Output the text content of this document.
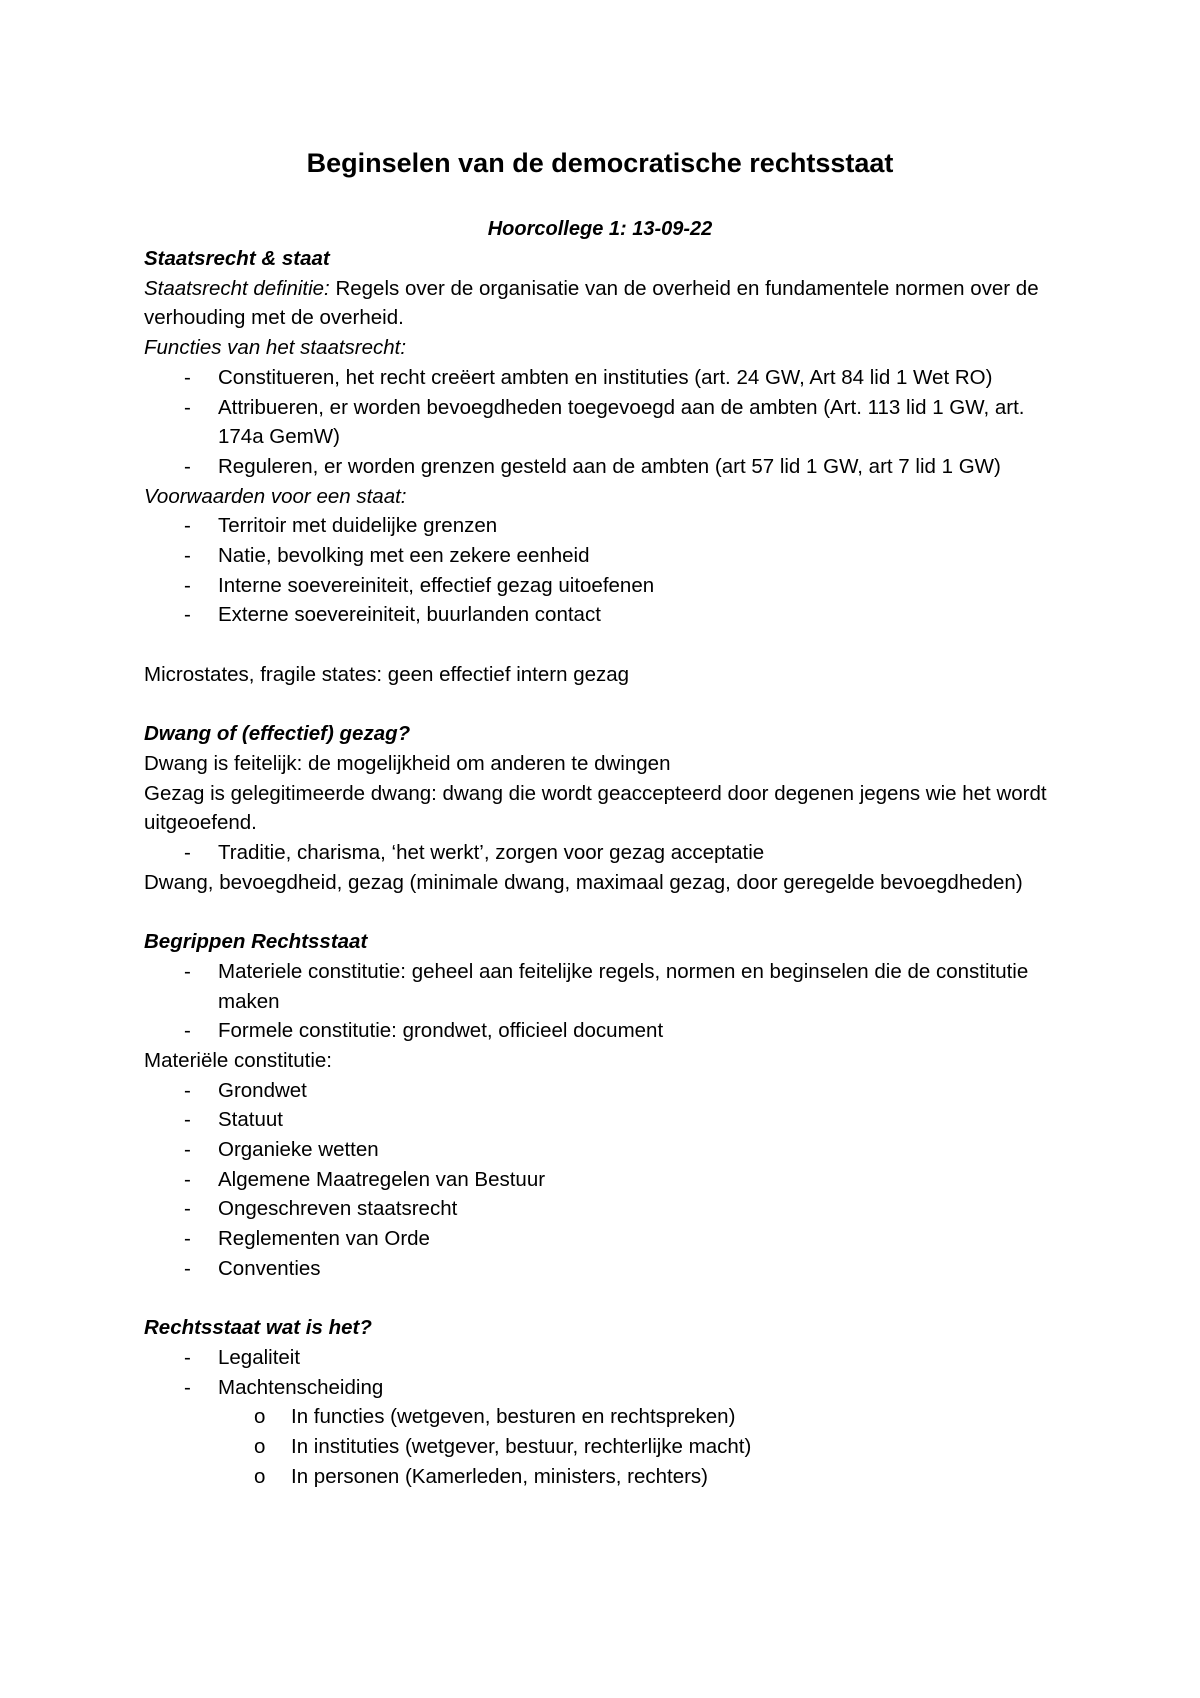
Beginselen van de democratische rechtsstaat

Hoorcollege 1: 13-09-22

Staatsrecht & staat

Staatsrecht definitie: Regels over de organisatie van de overheid en fundamentele normen over de verhouding met de overheid.

Functies van het staatsrecht:

- Constitueren, het recht creëert ambten en instituties (art. 24 GW, Art 84 lid 1 Wet RO)
- Attribueren, er worden bevoegdheden toegevoegd aan de ambten (Art. 113 lid 1 GW, art. 174a GemW)
- Reguleren, er worden grenzen gesteld aan de ambten (art 57 lid 1 GW, art 7 lid 1 GW)

Voorwaarden voor een staat:

- Territoir met duidelijke grenzen
- Natie, bevolking met een zekere eenheid
- Interne soevereiniteit, effectief gezag uitoefenen
- Externe soevereiniteit, buurlanden contact

Microstates, fragile states: geen effectief intern gezag

Dwang of (effectief) gezag?

Dwang is feitelijk: de mogelijkheid om anderen te dwingen

Gezag is gelegitimeerde dwang: dwang die wordt geaccepteerd door degenen jegens wie het wordt uitgeoefend.

- Traditie, charisma, ‘het werkt’, zorgen voor gezag acceptatie

Dwang, bevoegdheid, gezag (minimale dwang, maximaal gezag, door geregelde bevoegdheden)

Begrippen Rechtsstaat

- Materiele constitutie: geheel aan feitelijke regels, normen en beginselen die de constitutie maken
- Formele constitutie: grondwet, officieel document

Materiële constitutie:

- Grondwet
- Statuut
- Organieke wetten
- Algemene Maatregelen van Bestuur
- Ongeschreven staatsrecht
- Reglementen van Orde
- Conventies

Rechtsstaat wat is het?

- Legaliteit
- Machtenscheiding
o In functies (wetgeven, besturen en rechtspreken)
o In instituties (wetgever, bestuur, rechterlijke macht)
o In personen (Kamerleden, ministers, rechters)
